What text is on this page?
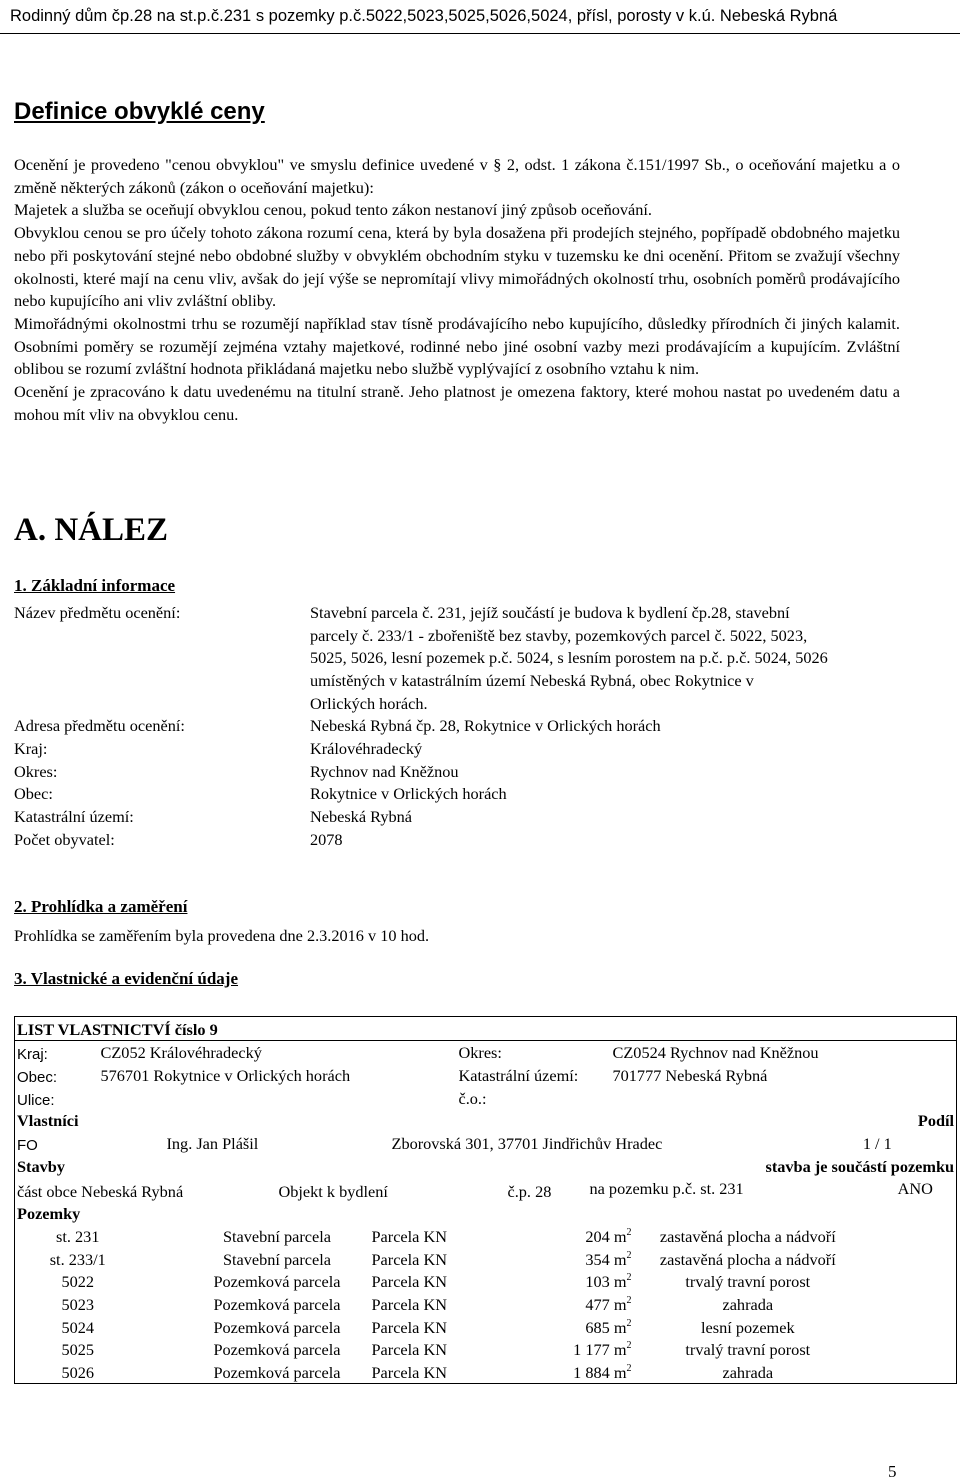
Rodinný dům čp.28 na st.p.č.231 s pozemky p.č.5022,5023,5025,5026,5024, přísl, porosty v k.ú. Nebeská Rybná
Definice obvyklé ceny

Ocenění je provedeno "cenou obvyklou" ve smyslu definice uvedené v § 2, odst. 1 zákona č.151/1997 Sb., o oceňování majetku a o změně některých zákonů (zákon o oceňování majetku):

Majetek a služba se oceňují obvyklou cenou, pokud tento zákon nestanoví jiný způsob oceňování.

Obvyklou cenou se pro účely tohoto zákona rozumí cena, která by byla dosažena při prodejích stejného, popřípadě obdobného majetku nebo při poskytování stejné nebo obdobné služby v obvyklém obchodním styku v tuzemsku ke dni ocenění. Přitom se zvažují všechny okolnosti, které mají na cenu vliv, avšak do její výše se nepromítají vlivy mimořádných okolností trhu, osobních poměrů prodávajícího nebo kupujícího ani vliv zvláštní obliby.

Mimořádnými okolnostmi trhu se rozumějí například stav tísně prodávajícího nebo kupujícího, důsledky přírodních či jiných kalamit. Osobními poměry se rozumějí zejména vztahy majetkové, rodinné nebo jiné osobní vazby mezi prodávajícím a kupujícím. Zvláštní oblibou se rozumí zvláštní hodnota přikládaná majetku nebo službě vyplývající z osobního vztahu k nim.

Ocenění je zpracováno k datu uvedenému na titulní straně. Jeho platnost je omezena faktory, které mohou nastat po uvedeném datu a mohou mít vliv na obvyklou cenu.

A. NÁLEZ
1. Základní informace
Název předmětu ocenění:	Stavební parcela č. 231, jejíž součástí je budova k bydlení čp.28, stavební
parcely č. 233/1 - zbořeniště bez stavby, pozemkových parcel č. 5022, 5023,
5025, 5026, lesní pozemek p.č. 5024, s lesním porostem na p.č. p.č. 5024, 5026
umístěných v katastrálním území Nebeská Rybná, obec Rokytnice v
Orlických horách.
Adresa předmětu ocenění:	Nebeská Rybná čp. 28, Rokytnice v Orlických horách
Kraj:	Královéhradecký
Okres:	Rychnov nad Kněžnou
Obec:	Rokytnice v Orlických horách
Katastrální území:	Nebeská Rybná
Počet obyvatel:	2078
2. Prohlídka a zaměření
Prohlídka se zaměřením byla provedena dne 2.3.2016 v 10 hod.
3. Vlastnické a evidenční údaje
LIST VLASTNICTVÍ číslo 9
Kraj:	CZ052 Královéhradecký	Okres:	CZ0524 Rychnov nad Kněžnou
Obec:	576701 Rokytnice v Orlických horách	Katastrální území:	701777 Nebeská Rybná
Ulice:		č.o.:
Vlastníci	Podíl
FO	Ing. Jan Plášil	Zborovská 301, 37701 Jindřichův Hradec	1 / 1
Stavby	stavba je součástí pozemku
část obce Nebeská Rybná	Objekt k bydlení	č.p. 28	na pozemku p.č. st. 231	ANO
Pozemky
st. 231	Stavební parcela	Parcela KN	204 $m^2$		zastavěná plocha a nádvoří
st. 233/1	Stavební parcela	Parcela KN	354 $m^2$		zastavěná plocha a nádvoří
5022	Pozemková parcela	Parcela KN	103 $m^2$		trvalý travní porost
5023	Pozemková parcela	Parcela KN	477 $m^2$		zahrada
5024	Pozemková parcela	Parcela KN	685 $m^2$		lesní pozemek
5025	Pozemková parcela	Parcela KN	1 177 $m^2$		trvalý travní porost
5026	Pozemková parcela	Parcela KN	1 884 $m^2$		zahrada
5
